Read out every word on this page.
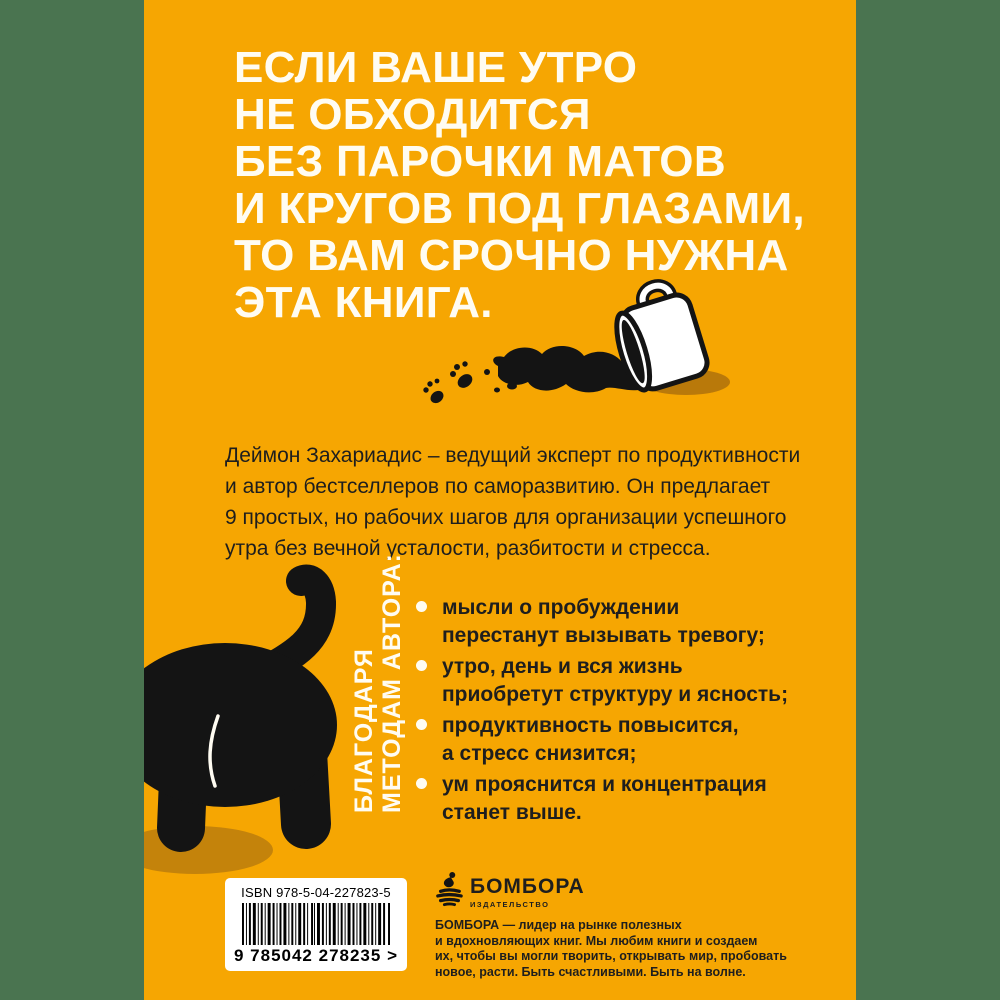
ЕСЛИ ВАШЕ УТРО
НЕ ОБХОДИТСЯ
БЕЗ ПАРОЧКИ МАТОВ
И КРУГОВ ПОД ГЛАЗАМИ,
ТО ВАМ СРОЧНО НУЖНА
ЭТА КНИГА.
Деймон Захариадис – ведущий эксперт по продуктивности
и автор бестселлеров по саморазвитию. Он предлагает
9 простых, но рабочих шагов для организации успешного
утра без вечной усталости, разбитости и стресса.
БЛАГОДАРЯ МЕТОДАМ АВТОРА: мысли о пробуждении
перестанут вызывать тревогу;
утро, день и вся жизнь
приобретут структуру и ясность;
продуктивность повысится,
а стресс снизится;
ум прояснится и концентрация
станет выше.
ISBN 978-5-04-227823-5
9 785042 278235 >
БОМБОРА
ИЗДАТЕЛЬСТВО
БОМБОРА — лидер на рынке полезных
и вдохновляющих книг. Мы любим книги и создаем
их, чтобы вы могли творить, открывать мир, пробовать
новое, расти. Быть счастливыми. Быть на волне.
